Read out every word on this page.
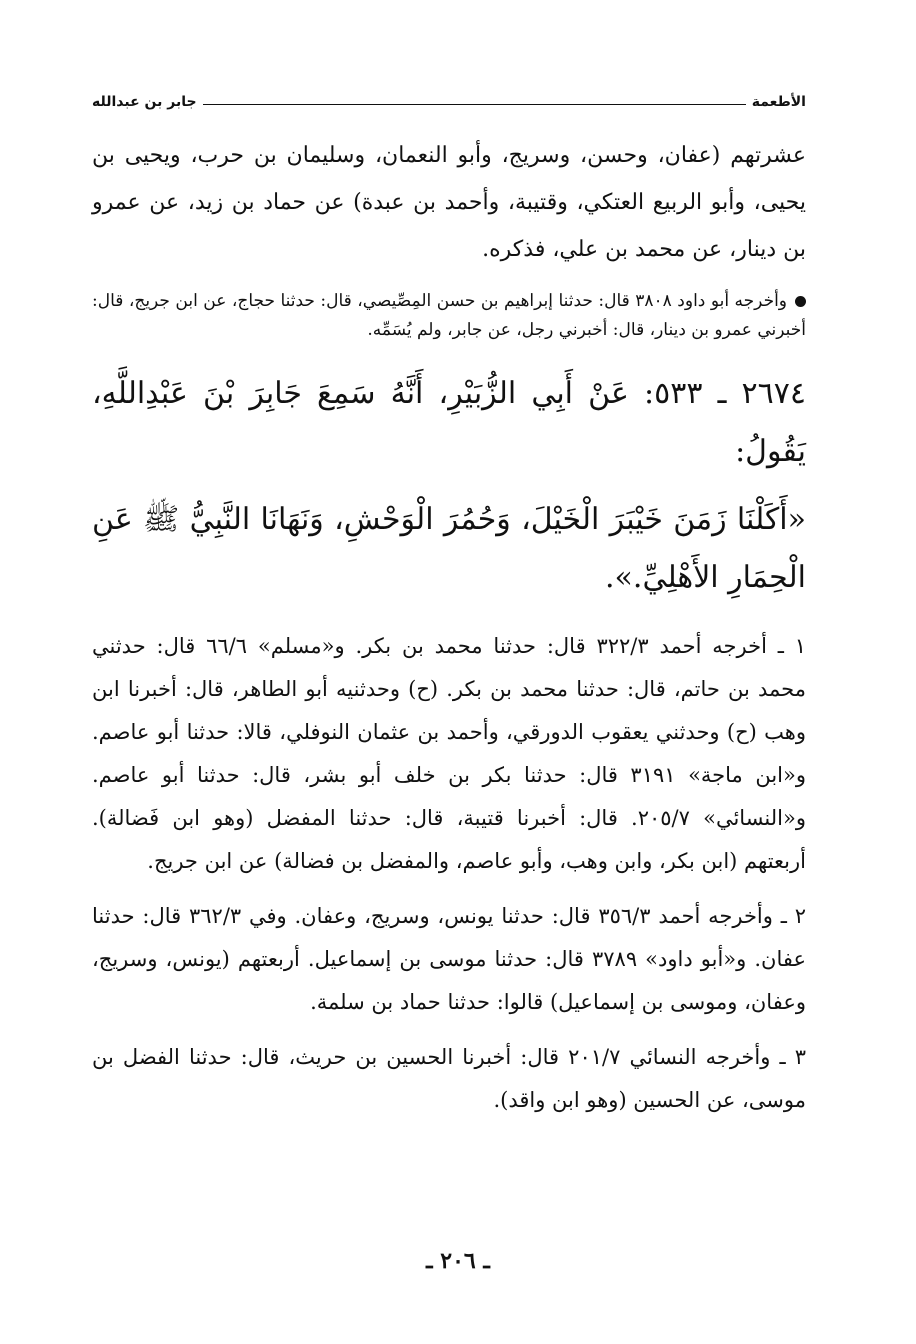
الأطعمة
جابر بن عبدالله

عشرتهم (عفان، وحسن، وسريج، وأبو النعمان، وسليمان بن حرب، ويحيى بن يحيى، وأبو الربيع العتكي، وقتيبة، وأحمد بن عبدة) عن حماد بن زيد، عن عمرو بن دينار، عن محمد بن علي، فذكره.

وأخرجه أبو داود ٣٨٠٨ قال: حدثنا إبراهيم بن حسن المِصِّيصي، قال: حدثنا حجاج، عن ابن جريج، قال: أخبرني عمرو بن دينار، قال: أخبرني رجل، عن جابر، ولم يُسَمِّه.

٢٦٧٤ ـ ٥٣٣: عَنْ أَبِي الزُّبَيْرِ، أَنَّهُ سَمِعَ جَابِرَ بْنَ عَبْدِاللَّهِ، يَقُولُ:

«أَكَلْنَا زَمَنَ خَيْبَرَ الْخَيْلَ، وَحُمُرَ الْوَحْشِ، وَنَهَانَا النَّبِيُّ ﷺ عَنِ الْحِمَارِ الأَهْلِيِّ.».

١ ـ أخرجه أحمد ٣٢٢/٣ قال: حدثنا محمد بن بكر. و«مسلم» ٦٦/٦ قال: حدثني محمد بن حاتم، قال: حدثنا محمد بن بكر. (ح) وحدثنيه أبو الطاهر، قال: أخبرنا ابن وهب (ح) وحدثني يعقوب الدورقي، وأحمد بن عثمان النوفلي، قالا: حدثنا أبو عاصم. و«ابن ماجة» ٣١٩١ قال: حدثنا بكر بن خلف أبو بشر، قال: حدثنا أبو عاصم. و«النسائي» ٢٠٥/٧. قال: أخبرنا قتيبة، قال: حدثنا المفضل (وهو ابن فَضالة). أربعتهم (ابن بكر، وابن وهب، وأبو عاصم، والمفضل بن فضالة) عن ابن جريج.

٢ ـ وأخرجه أحمد ٣٥٦/٣ قال: حدثنا يونس، وسريج، وعفان. وفي ٣٦٢/٣ قال: حدثنا عفان. و«أبو داود» ٣٧٨٩ قال: حدثنا موسى بن إسماعيل. أربعتهم (يونس، وسريج، وعفان، وموسى بن إسماعيل) قالوا: حدثنا حماد بن سلمة.

٣ ـ وأخرجه النسائي ٢٠١/٧ قال: أخبرنا الحسين بن حريث، قال: حدثنا الفضل بن موسى، عن الحسين (وهو ابن واقد).

ـ ٢٠٦ ـ
